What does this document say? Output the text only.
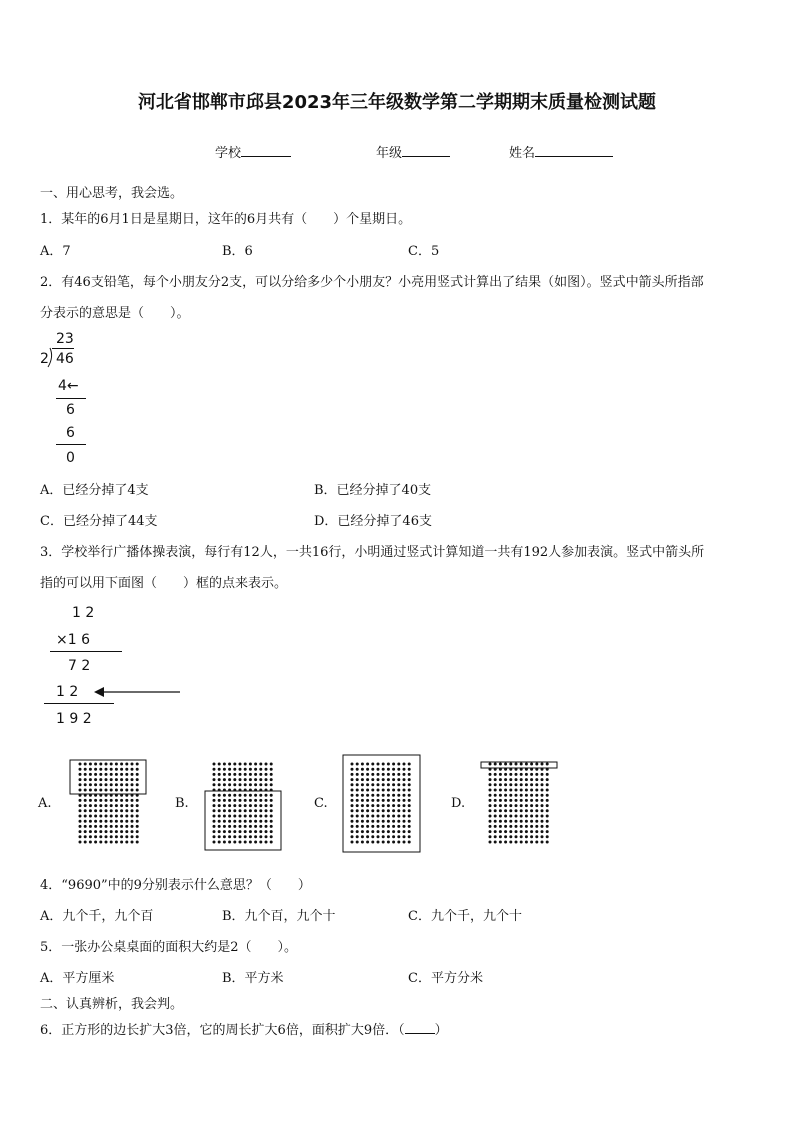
河北省邯郸市邱县2023年三年级数学第二学期期末质量检测试题
学校	年级	姓名
一、用心思考，我会选。
1．某年的6月1日是星期日，这年的6月共有（　　）个星期日。
A．7	B．6	C．5
2．有46支铅笔，每个小朋友分2支，可以分给多少个小朋友？小亮用竖式计算出了结果（如图）。竖式中箭头所指部
分表示的意思是（　　）。
23
2 46
4←
6
6
0
A．已经分掉了4支	B．已经分掉了40支
C．已经分掉了44支	D．已经分掉了46支
3．学校举行广播体操表演，每行有12人，一共16行，小明通过竖式计算知道一共有192人参加表演。竖式中箭头所
指的可以用下面图（　　）框的点来表示。
1 2
×1 6
7 2
1 2
1 9 2
A.	B.	C.	D.
4．“9690”中的9分别表示什么意思？（　　）
A．九个千，九个百	B．九个百，九个十	C．九个千，九个十
5．一张办公桌桌面的面积大约是2（　　）。
A．平方厘米	B．平方米	C．平方分米
二、认真辨析，我会判。
6．正方形的边长扩大3倍，它的周长扩大6倍，面积扩大9倍．（ ）
